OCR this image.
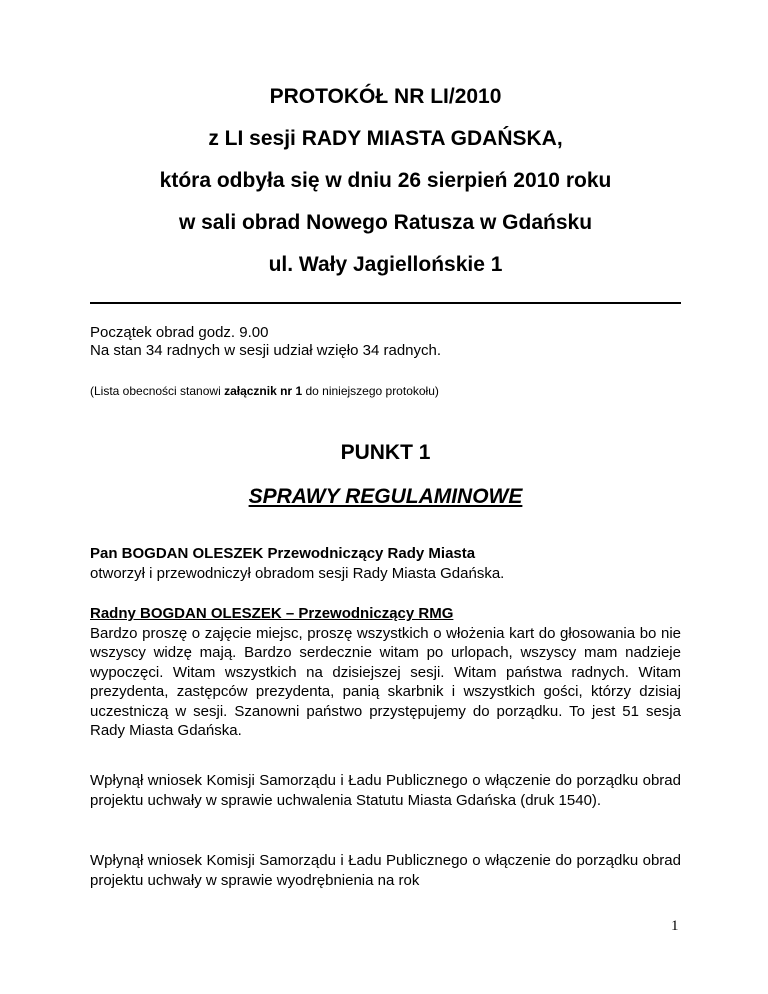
PROTOKÓŁ NR LI/2010
z LI sesji RADY MIASTA GDAŃSKA,
która odbyła się w dniu 26 sierpień 2010 roku
w sali obrad Nowego Ratusza w Gdańsku
ul. Wały Jagiellońskie 1
Początek obrad godz. 9.00
Na stan 34 radnych w sesji udział wzięło 34 radnych.
(Lista obecności stanowi załącznik nr 1 do niniejszego protokołu)
PUNKT 1
SPRAWY REGULAMINOWE
Pan BOGDAN OLESZEK Przewodniczący Rady Miasta
otworzył i przewodniczył obradom sesji Rady Miasta Gdańska.
Radny BOGDAN OLESZEK – Przewodniczący RMG
Bardzo proszę o zajęcie miejsc, proszę wszystkich o włożenia kart do głosowania bo nie wszyscy widzę mają. Bardzo serdecznie witam po urlopach, wszyscy mam nadzieje wypoczęci. Witam wszystkich na dzisiejszej sesji. Witam państwa radnych. Witam prezydenta, zastępców prezydenta, panią skarbnik i wszystkich gości, którzy dzisiaj uczestniczą w sesji. Szanowni państwo przystępujemy do porządku. To jest 51 sesja Rady Miasta Gdańska.
Wpłynął wniosek Komisji Samorządu i Ładu Publicznego o włączenie do porządku obrad projektu uchwały w sprawie uchwalenia Statutu Miasta Gdańska (druk 1540).
Wpłynął wniosek Komisji Samorządu i Ładu Publicznego o włączenie do porządku obrad projektu uchwały w sprawie wyodrębnienia na rok
1
